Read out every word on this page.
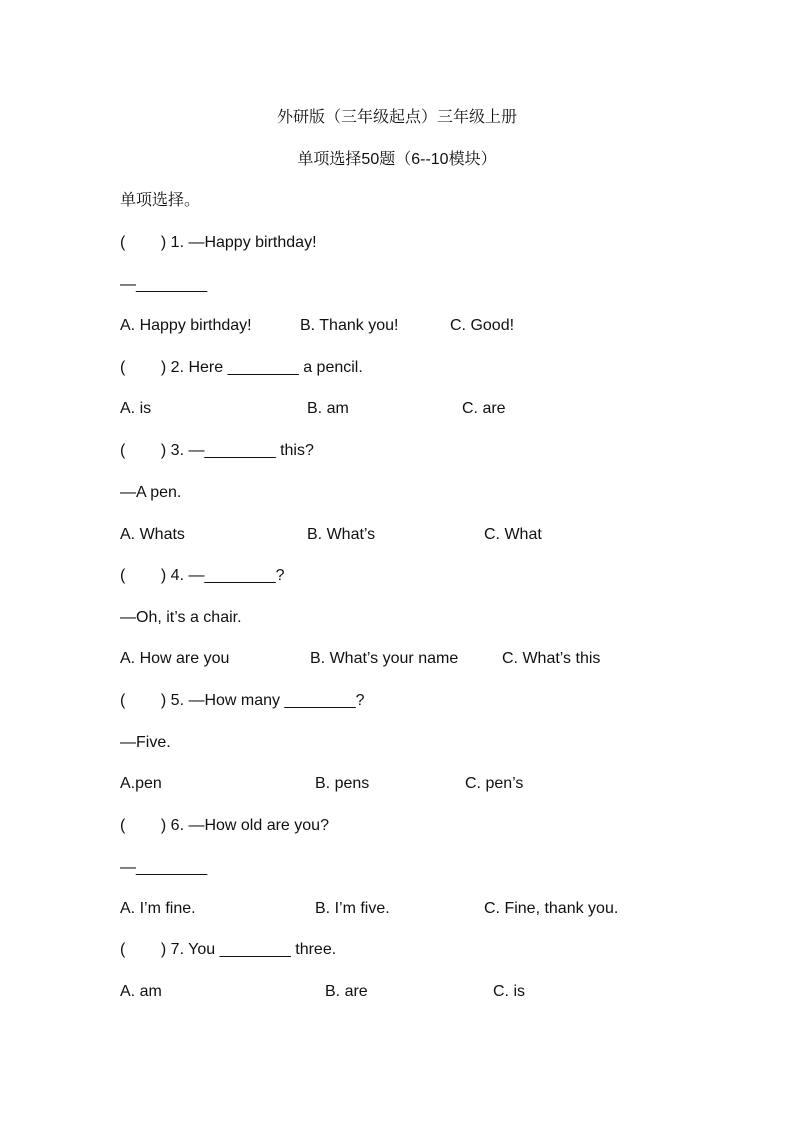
外研版（三年级起点）三年级上册
单项选择50题（6--10模块）
单项选择。
(        ) 1. —Happy birthday!
—________
A. Happy birthday!	B. Thank you!	C. Good!
(        ) 2. Here ________ a pencil.
A. is	B. am	C. are
(        ) 3. —________ this?
—A pen.
A. Whats	B. What’s	C. What
(        ) 4. —________?
—Oh, it’s a chair.
A. How are you	B. What’s your name	C. What’s this
(        ) 5. —How many ________?
—Five.
A.pen	B. pens	C. pen’s
(        ) 6. —How old are you?
—________
A. I’m fine.	B. I’m five.	C. Fine, thank you.
(        ) 7. You ________ three.
A. am	B. are	C. is
